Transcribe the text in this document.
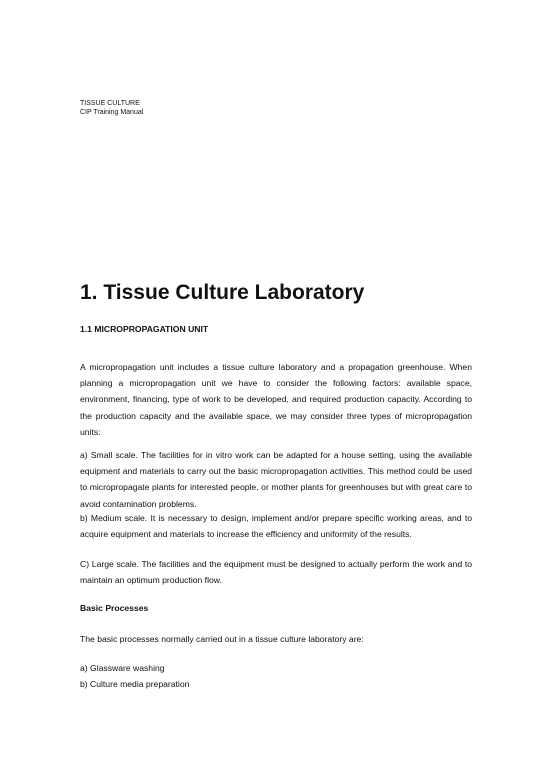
TISSUE CULTURE
CIP Training Manual
1. Tissue Culture Laboratory
1.1 MICROPROPAGATION UNIT

A micropropagation unit includes a tissue culture laboratory and a propagation greenhouse. When planning a micropropagation unit we have to consider the following factors: available space, environment, financing, type of work to be developed, and required production capacity. According to the production capacity and the available space, we may consider three types of micropropagation units:

a) Small scale. The facilities for in vitro work can be adapted for a house setting, using the available equipment and materials to carry out the basic micropropagation activities. This method could be used to micropropagate plants for interested people, or mother plants for greenhouses but with great care to avoid contamination problems.

b) Medium scale. It is necessary to design, implement and/or prepare specific working areas, and to acquire equipment and materials to increase the efficiency and uniformity of the results.

C) Large scale. The facilities and the equipment must be designed to actually perform the work and to maintain an optimum production flow.

Basic Processes

The basic processes normally carried out in a tissue culture laboratory are:

a) Glassware washing
b) Culture media preparation
